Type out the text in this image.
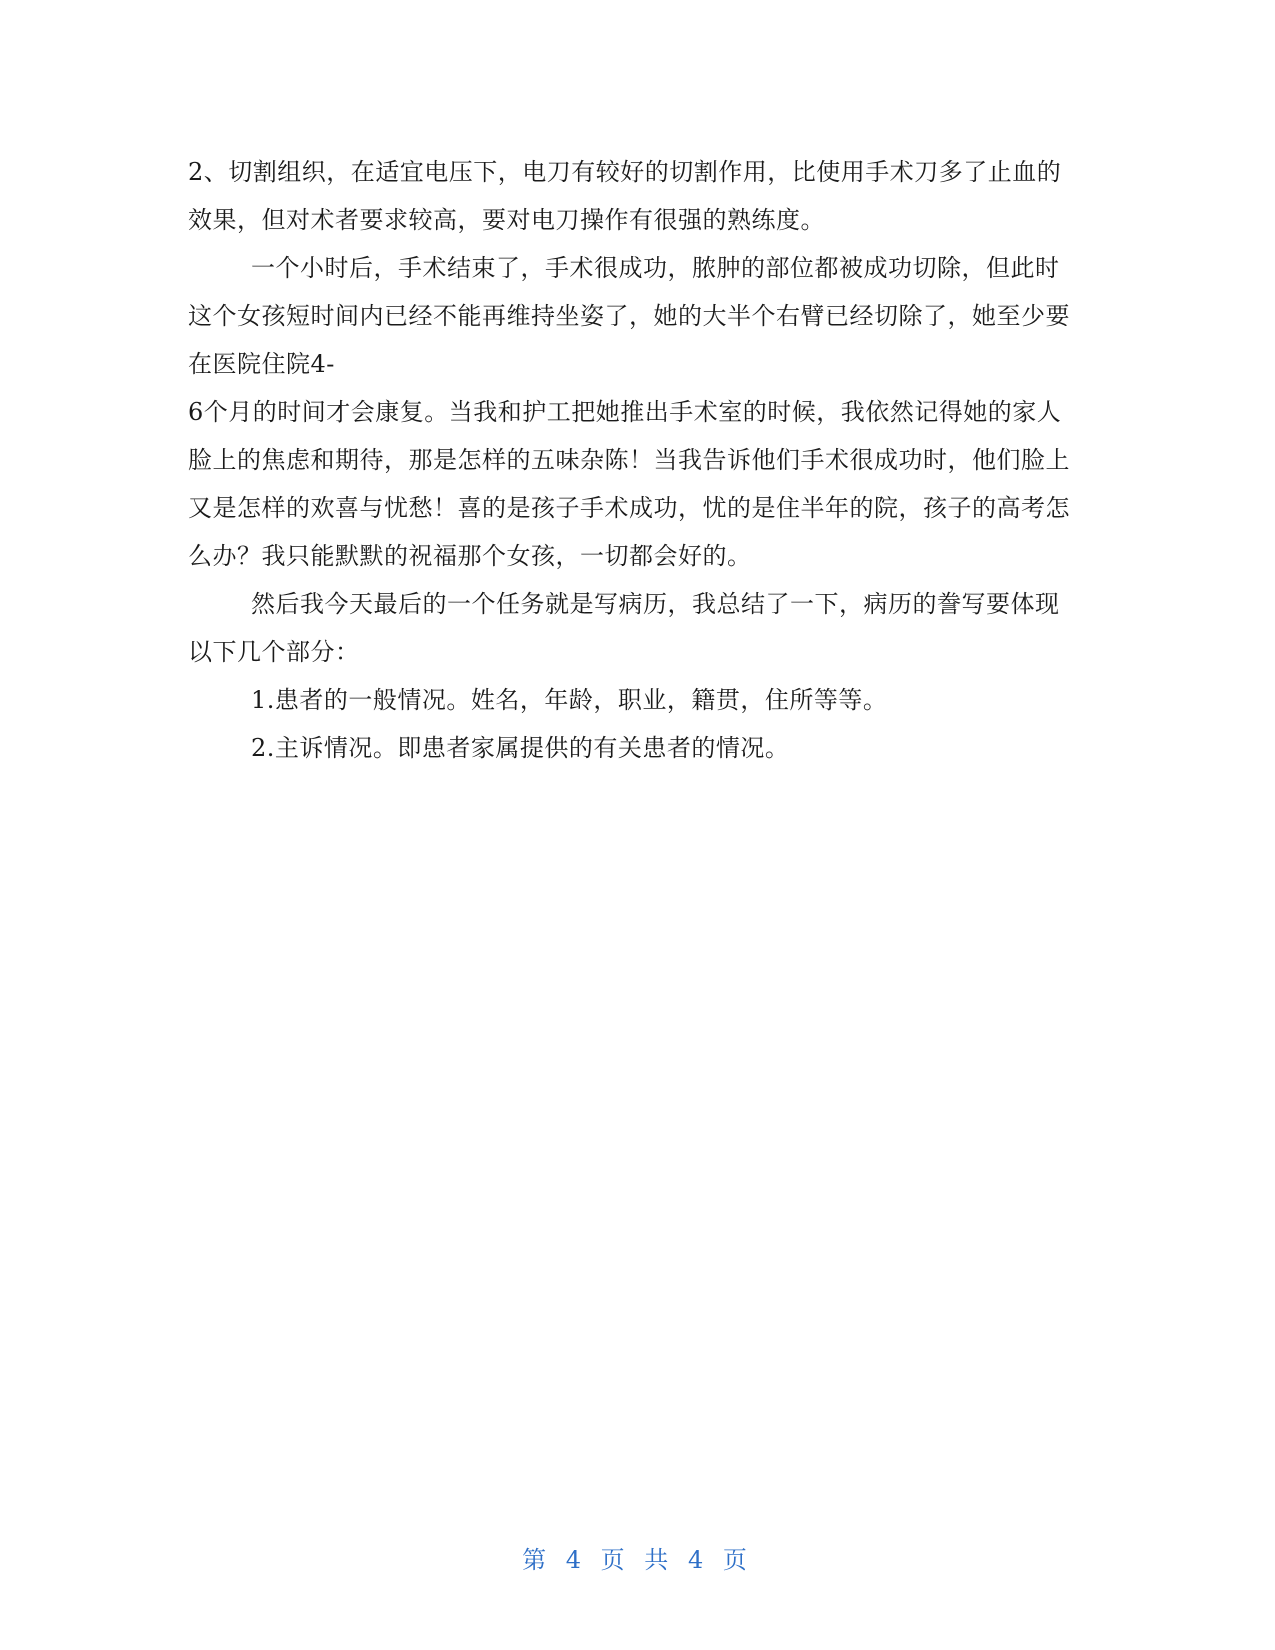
2、切割组织，在适宜电压下，电刀有较好的切割作用，比使用手术刀多了止血的
效果，但对术者要求较高，要对电刀操作有很强的熟练度。
一个小时后，手术结束了，手术很成功，脓肿的部位都被成功切除，但此时
这个女孩短时间内已经不能再维持坐姿了，她的大半个右臂已经切除了，她至少要
在医院住院4-
6个月的时间才会康复。当我和护工把她推出手术室的时候，我依然记得她的家人
脸上的焦虑和期待，那是怎样的五味杂陈！当我告诉他们手术很成功时，他们脸上
又是怎样的欢喜与忧愁！喜的是孩子手术成功，忧的是住半年的院，孩子的高考怎
么办？我只能默默的祝福那个女孩，一切都会好的。
然后我今天最后的一个任务就是写病历，我总结了一下，病历的誊写要体现
以下几个部分：
1.患者的一般情况。姓名，年龄，职业，籍贯，住所等等。
2.主诉情况。即患者家属提供的有关患者的情况。
第 4 页 共 4 页
